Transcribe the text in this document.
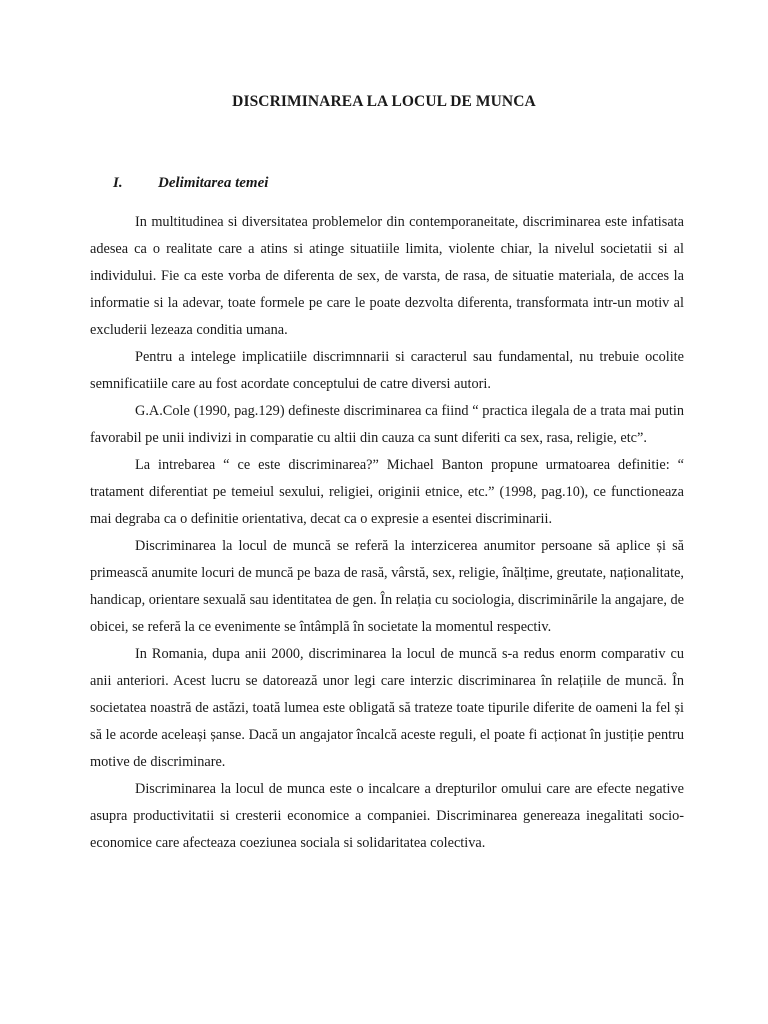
DISCRIMINAREA LA LOCUL DE MUNCA
I. Delimitarea temei

In multitudinea si diversitatea problemelor din contemporaneitate, discriminarea este infatisata adesea ca o realitate care a atins si atinge situatiile limita, violente chiar, la nivelul societatii si al individului. Fie ca este vorba de diferenta de sex, de varsta, de rasa, de situatie materiala, de acces la informatie si la adevar, toate formele pe care le poate dezvolta diferenta, transformata intr-un motiv al excluderii lezeaza conditia umana.

Pentru a intelege implicatiile discrimnnarii si caracterul sau fundamental, nu trebuie ocolite semnificatiile care au fost acordate conceptului de catre diversi autori.

G.A.Cole (1990, pag.129) defineste discriminarea ca fiind “ practica ilegala de a trata mai putin favorabil pe unii indivizi in comparatie cu altii din cauza ca sunt diferiti ca sex, rasa, religie, etc”.

La intrebarea “ ce este discriminarea?” Michael Banton propune urmatoarea definitie: “ tratament diferentiat pe temeiul sexului, religiei, originii etnice, etc.” (1998, pag.10), ce functioneaza mai degraba ca o definitie orientativa, decat ca o expresie a esentei discriminarii.

Discriminarea la locul de muncă se referă la interzicerea anumitor persoane să aplice și să primească anumite locuri de muncă pe baza de rasă, vârstă, sex, religie, înălțime, greutate, naționalitate, handicap, orientare sexuală sau identitatea de gen. În relația cu sociologia, discriminările la angajare, de obicei, se referă la ce evenimente se întâmplă în societate la momentul respectiv.

In Romania, dupa anii 2000, discriminarea la locul de muncă s-a redus enorm comparativ cu anii anteriori. Acest lucru se datorează unor legi care interzic discriminarea în relațiile de muncă. În societatea noastră de astăzi, toată lumea este obligată să trateze toate tipurile diferite de oameni la fel și să le acorde aceleași șanse. Dacă un angajator încalcă aceste reguli, el poate fi acționat în justiție pentru motive de discriminare.

Discriminarea la locul de munca este o incalcare a drepturilor omului care are efecte negative asupra productivitatii si cresterii economice a companiei. Discriminarea genereaza inegalitati socio-economice care afecteaza coeziunea sociala si solidaritatea colectiva.
